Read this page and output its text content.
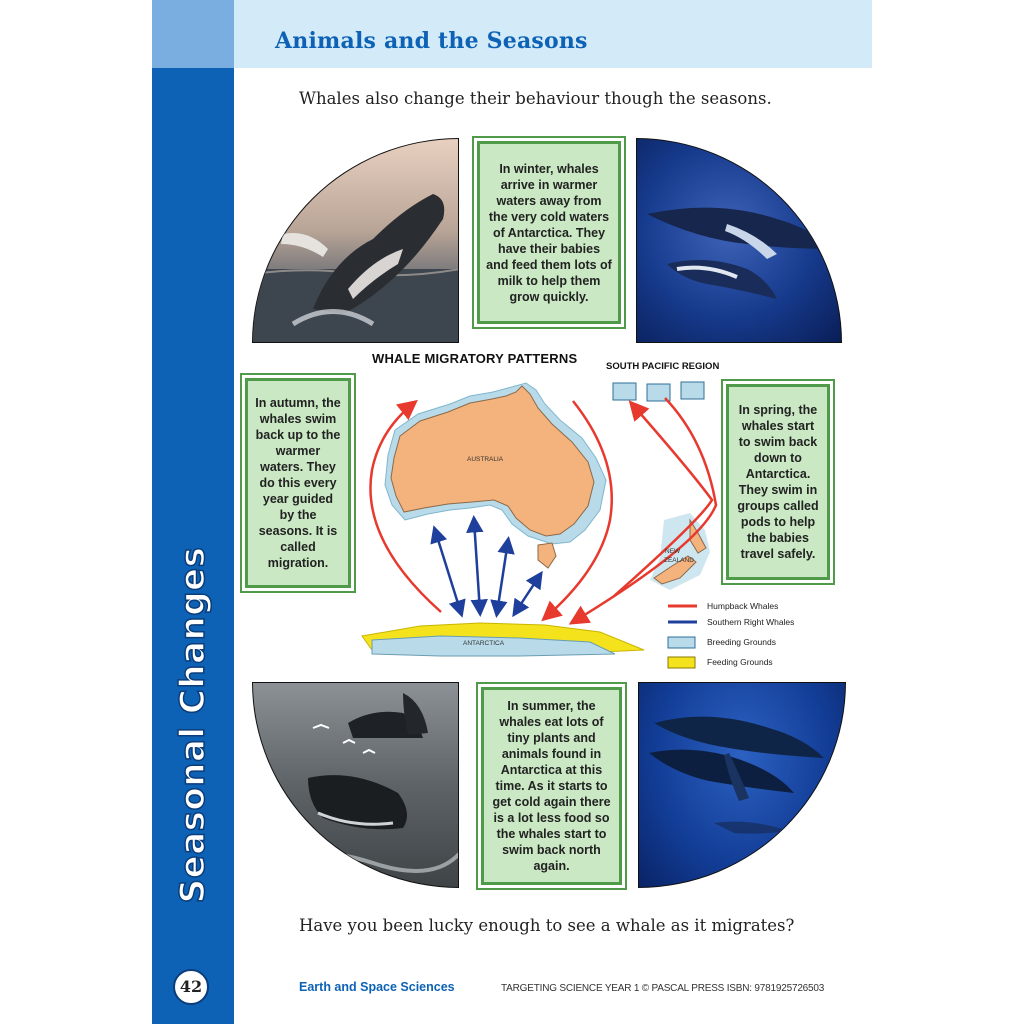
Animals and the Seasons
Seasonal Changes
42
Whales also change their behaviour though the seasons.
In winter, whales arrive in warmer waters away from the very cold waters of Antarctica. They have their babies and feed them lots of milk to help them grow quickly.
In autumn, the whales swim back up to the warmer waters. They do this every year guided by the seasons. It is called migration.
In spring, the whales start to swim back down to Antarctica. They swim in groups called pods to help the babies travel safely.
In summer, the whales eat lots of tiny plants and animals found in Antarctica at this time. As it starts to get cold again there is a lot less food so the whales start to swim back north again.
WHALE MIGRATORY PATTERNS
SOUTH PACIFIC REGION
AUSTRALIA
NEW
ZEALAND
ANTARCTICA
Humpback Whales
Southern Right Whales
Breeding Grounds
Feeding Grounds
Have you been lucky enough to see a whale as it migrates?
Earth and Space Sciences	TARGETING SCIENCE YEAR 1 © PASCAL PRESS ISBN: 9781925726503
